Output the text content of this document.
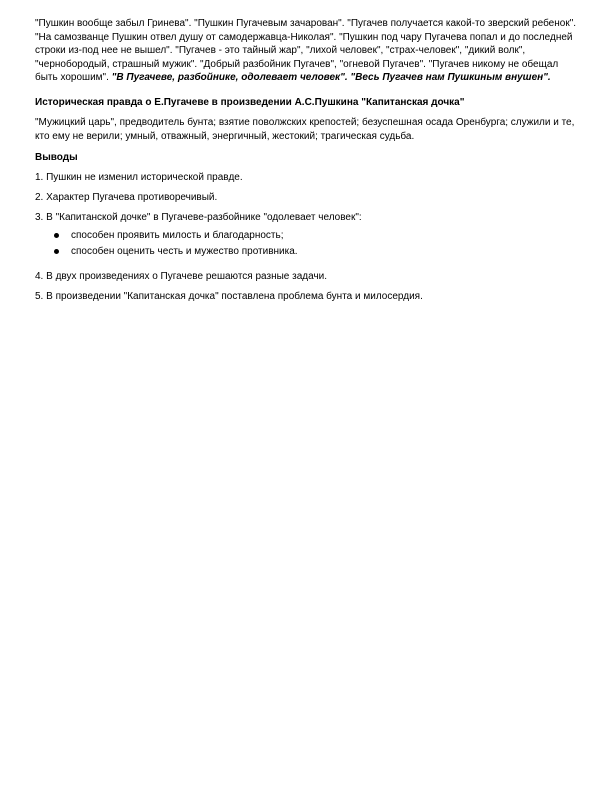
"Пушкин вообще забыл Гринева". "Пушкин Пугачевым зачарован". "Пугачев получается какой-то зверский ребенок". "На самозванце Пушкин отвел душу от самодержавца-Николая". "Пушкин под чару Пугачева попал и до последней строки из-под нее не вышел". "Пугачев - это тайный жар", "лихой человек", "страх-человек", "дикий волк", "чернобородый, страшный мужик". "Добрый разбойник Пугачев", "огневой Пугачев". "Пугачев никому не обещал быть хорошим". "В Пугачеве, разбойнике, одолевает человек". "Весь Пугачев нам Пушкиным внушен".

Историческая правда о Е.Пугачеве в произведении А.С.Пушкина "Капитанская дочка"

"Мужицкий царь", предводитель бунта; взятие поволжских крепостей; безуспешная осада Оренбурга; служили и те, кто ему не верили; умный, отважный, энергичный, жестокий; трагическая судьба.

Выводы

1. Пушкин не изменил исторической правде.

2. Характер Пугачева противоречивый.

3. В "Капитанской дочке" в Пугачеве-разбойнике "одолевает человек":

способен проявить милость и благодарность;
способен оценить честь и мужество противника.

4. В двух произведениях о Пугачеве решаются разные задачи.

5. В произведении "Капитанская дочка" поставлена проблема бунта и милосердия.
